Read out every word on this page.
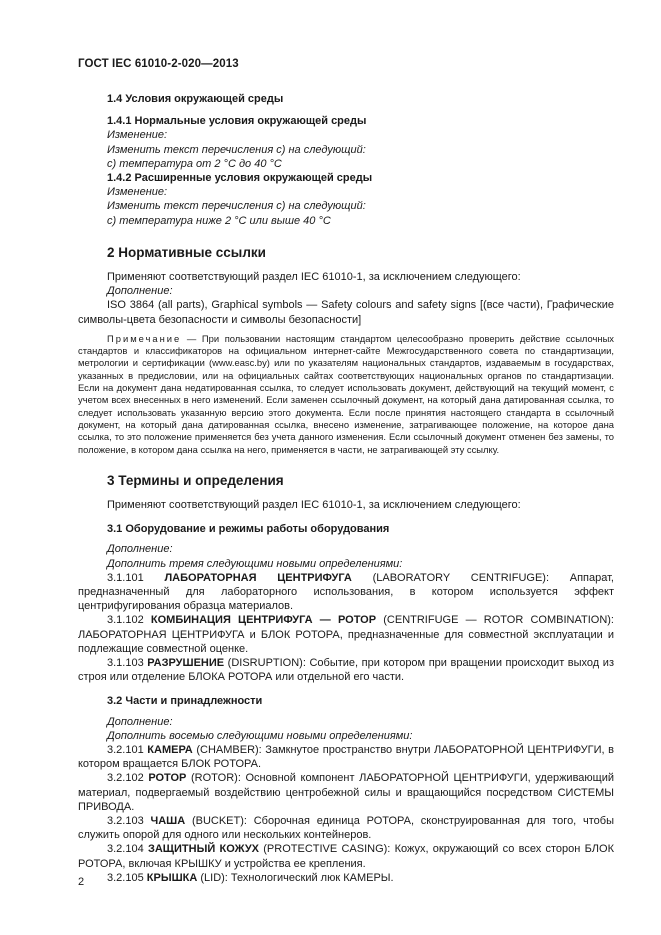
ГОСТ IEC 61010-2-020—2013
1.4 Условия окружающей среды
1.4.1 Нормальные условия окружающей среды
Изменение:
Изменить текст перечисления с) на следующий:
с) температура от 2 °С до 40 °С
1.4.2 Расширенные условия окружающей среды
Изменение:
Изменить текст перечисления с) на следующий:
с) температура ниже 2 °С или выше 40 °С
2 Нормативные ссылки
Применяют соответствующий раздел IEC 61010-1, за исключением следующего:
Дополнение:
ISO 3864 (all parts), Graphical symbols — Safety colours and safety signs [(все части), Графические символы-цвета безопасности и символы безопасности]
Примечание — При пользовании настоящим стандартом целесообразно проверить действие ссылочных стандартов и классификаторов на официальном интернет-сайте Межгосударственного совета по стандартизации, метрологии и сертификации (www.easc.by) или по указателям национальных стандартов, издаваемым в государствах, указанных в предисловии, или на официальных сайтах соответствующих национальных органов по стандартизации. Если на документ дана недатированная ссылка, то следует использовать документ, действующий на текущий момент, с учетом всех внесенных в него изменений. Если заменен ссылочный документ, на который дана датированная ссылка, то следует использовать указанную версию этого документа. Если после принятия настоящего стандарта в ссылочный документ, на который дана датированная ссылка, внесено изменение, затрагивающее положение, на которое дана ссылка, то это положение применяется без учета данного изменения. Если ссылочный документ отменен без замены, то положение, в котором дана ссылка на него, применяется в части, не затрагивающей эту ссылку.
3 Термины и определения
Применяют соответствующий раздел IEC 61010-1, за исключением следующего:
3.1 Оборудование и режимы работы оборудования
Дополнение:
Дополнить тремя следующими новыми определениями:
3.1.101 ЛАБОРАТОРНАЯ ЦЕНТРИФУГА (LABORATORY CENTRIFUGE): Аппарат, предназначенный для лабораторного использования, в котором используется эффект центрифугирования образца материалов.
3.1.102 КОМБИНАЦИЯ ЦЕНТРИФУГА — РОТОР (CENTRIFUGE — ROTOR COMBINATION): ЛАБОРАТОРНАЯ ЦЕНТРИФУГА и БЛОК РОТОРА, предназначенные для совместной эксплуатации и подлежащие совместной оценке.
3.1.103 РАЗРУШЕНИЕ (DISRUPTION): Событие, при котором при вращении происходит выход из строя или отделение БЛОКА РОТОРА или отдельной его части.
3.2 Части и принадлежности
Дополнение:
Дополнить восемью следующими новыми определениями:
3.2.101 КАМЕРА (CHAMBER): Замкнутое пространство внутри ЛАБОРАТОРНОЙ ЦЕНТРИФУГИ, в котором вращается БЛОК РОТОРА.
3.2.102 РОТОР (ROTOR): Основной компонент ЛАБОРАТОРНОЙ ЦЕНТРИФУГИ, удерживающий материал, подвергаемый воздействию центробежной силы и вращающийся посредством СИСТЕМЫ ПРИВОДА.
3.2.103 ЧАША (BUCKET): Сборочная единица РОТОРА, сконструированная для того, чтобы служить опорой для одного или нескольких контейнеров.
3.2.104 ЗАЩИТНЫЙ КОЖУХ (PROTECTIVE CASING): Кожух, окружающий со всех сторон БЛОК РОТОРА, включая КРЫШКУ и устройства ее крепления.
3.2.105 КРЫШКА (LID): Технологический люк КАМЕРЫ.
2
